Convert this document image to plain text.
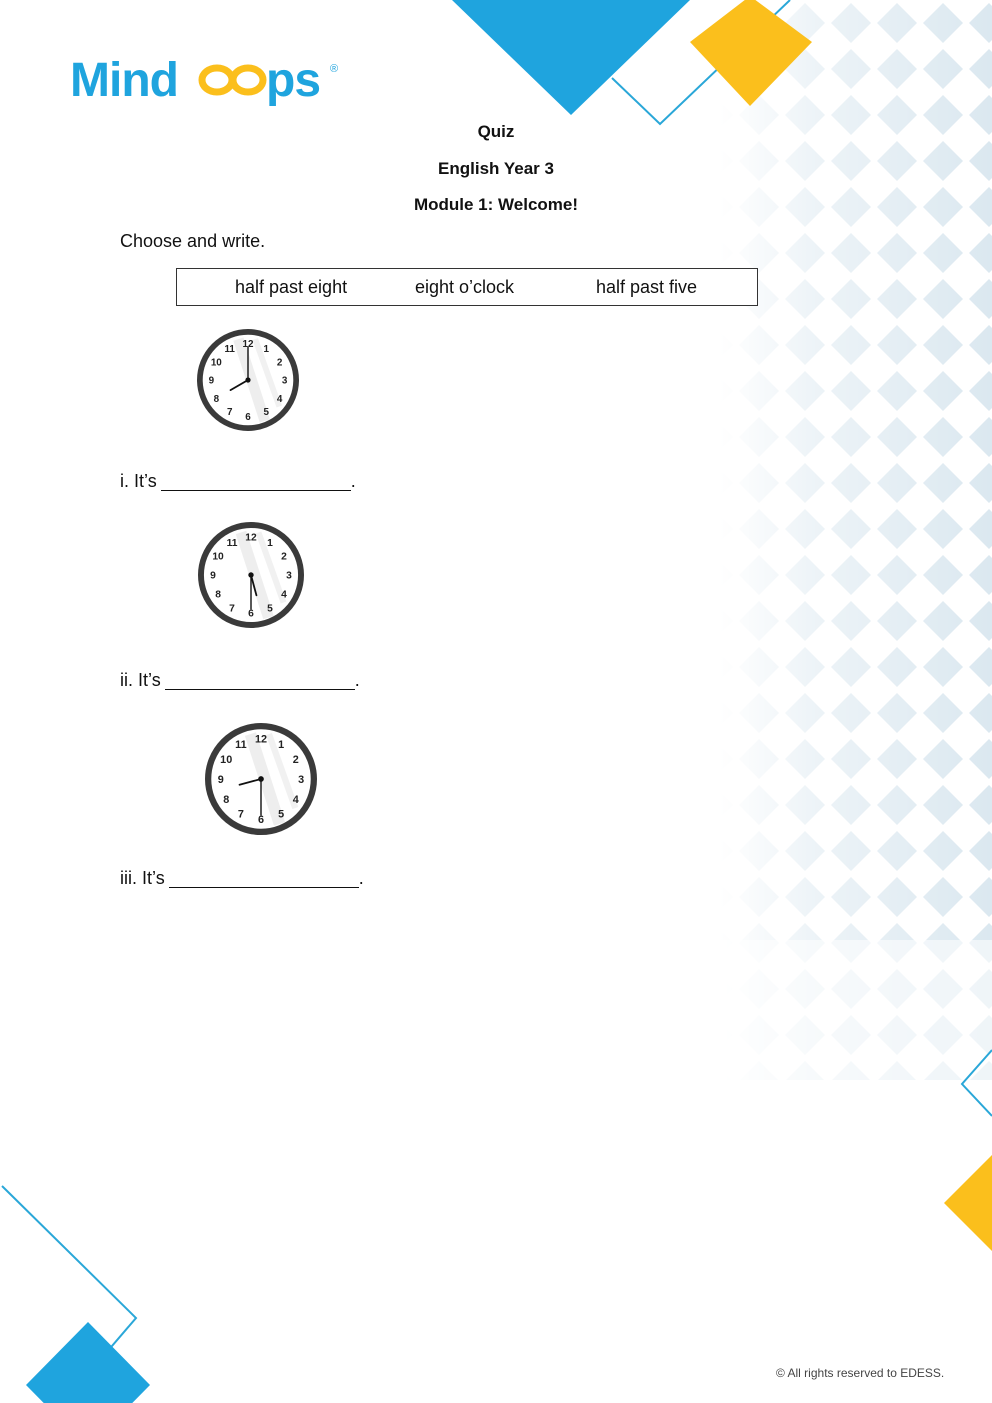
Mind ps ®
Quiz
English Year 3
Module 1: Welcome!
Choose and write.
half past eight	eight o’clock	half past five
12 1
2
3
4
5
6
7
8
9
10
11
12 1
2
3
4
5
6
7
8
9
10
11
12 1
2
3
4
5
6
7
8
9
10
11
i. It’s	.
ii. It’s	.
iii. It’s	.
© All rights reserved to EDESS.
